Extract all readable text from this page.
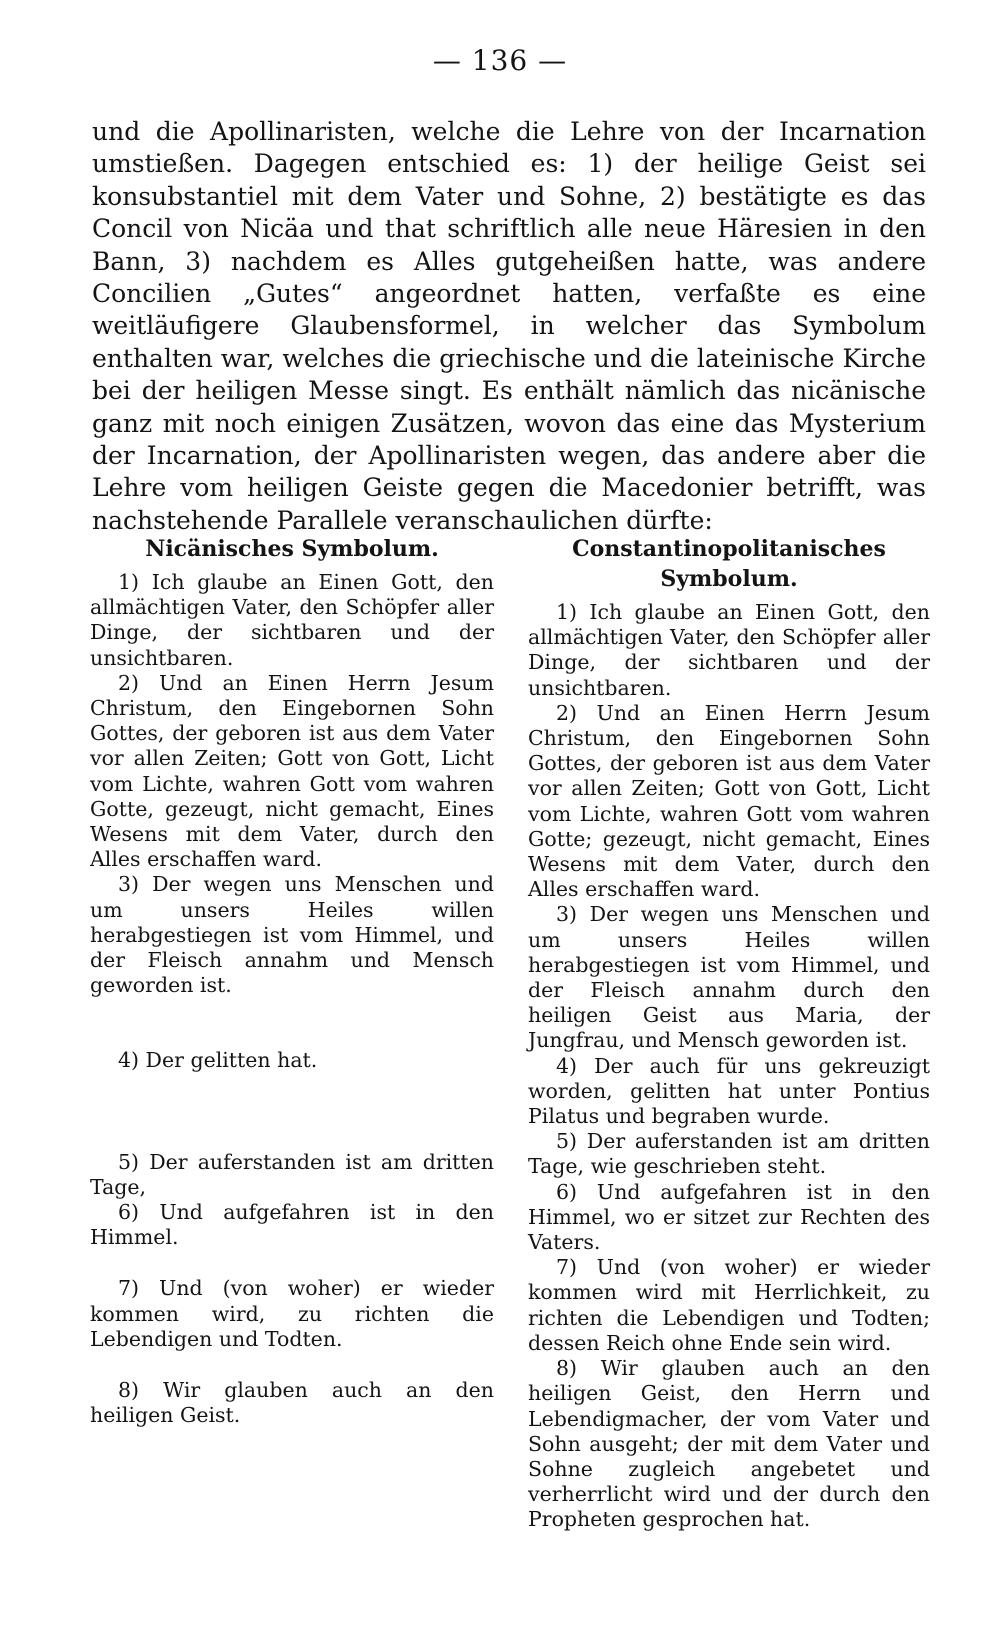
— 136 —

und die Apollinaristen, welche die Lehre von der Incarnation umstießen. Dagegen entschied es: 1) der heilige Geist sei konsubstantiel mit dem Vater und Sohne, 2) bestätigte es das Concil von Nicäa und that schriftlich alle neue Häresien in den Bann, 3) nachdem es Alles gutgeheißen hatte, was andere Concilien „Gutes“ angeordnet hatten, verfaßte es eine weitläufigere Glaubensformel, in welcher das Symbolum enthalten war, welches die griechische und die lateinische Kirche bei der heiligen Messe singt. Es enthält nämlich das nicänische ganz mit noch einigen Zusätzen, wovon das eine das Mysterium der Incarnation, der Apollinaristen wegen, das andere aber die Lehre vom heiligen Geiste gegen die Macedonier betrifft, was nachstehende Parallele veranschaulichen dürfte:

Nicänisches Symbolum.

1) Ich glaube an Einen Gott, den allmächtigen Vater, den Schöpfer aller Dinge, der sichtbaren und der unsichtbaren.

2) Und an Einen Herrn Jesum Christum, den Eingebornen Sohn Gottes, der geboren ist aus dem Vater vor allen Zeiten; Gott von Gott, Licht vom Lichte, wahren Gott vom wahren Gotte, gezeugt, nicht gemacht, Eines Wesens mit dem Vater, durch den Alles erschaffen ward.

3) Der wegen uns Menschen und um unsers Heiles willen herabgestiegen ist vom Himmel, und der Fleisch annahm und Mensch geworden ist.

4) Der gelitten hat.

5) Der auferstanden ist am dritten Tage,

6) Und aufgefahren ist in den Himmel.

7) Und (von woher) er wieder kommen wird, zu richten die Lebendigen und Todten.

8) Wir glauben auch an den heiligen Geist.

Constantinopolitanisches Symbolum.

1) Ich glaube an Einen Gott, den allmächtigen Vater, den Schöpfer aller Dinge, der sichtbaren und der unsichtbaren.

2) Und an Einen Herrn Jesum Christum, den Eingebornen Sohn Gottes, der geboren ist aus dem Vater vor allen Zeiten; Gott von Gott, Licht vom Lichte, wahren Gott vom wahren Gotte; gezeugt, nicht gemacht, Eines Wesens mit dem Vater, durch den Alles erschaffen ward.

3) Der wegen uns Menschen und um unsers Heiles willen herabgestiegen ist vom Himmel, und der Fleisch annahm durch den heiligen Geist aus Maria, der Jungfrau, und Mensch geworden ist.

4) Der auch für uns gekreuzigt worden, gelitten hat unter Pontius Pilatus und begraben wurde.

5) Der auferstanden ist am dritten Tage, wie geschrieben steht.

6) Und aufgefahren ist in den Himmel, wo er sitzet zur Rechten des Vaters.

7) Und (von woher) er wieder kommen wird mit Herrlichkeit, zu richten die Lebendigen und Todten; dessen Reich ohne Ende sein wird.

8) Wir glauben auch an den heiligen Geist, den Herrn und Lebendigmacher, der vom Vater und Sohn ausgeht; der mit dem Vater und Sohne zugleich angebetet und verherrlicht wird und der durch den Propheten gesprochen hat.
